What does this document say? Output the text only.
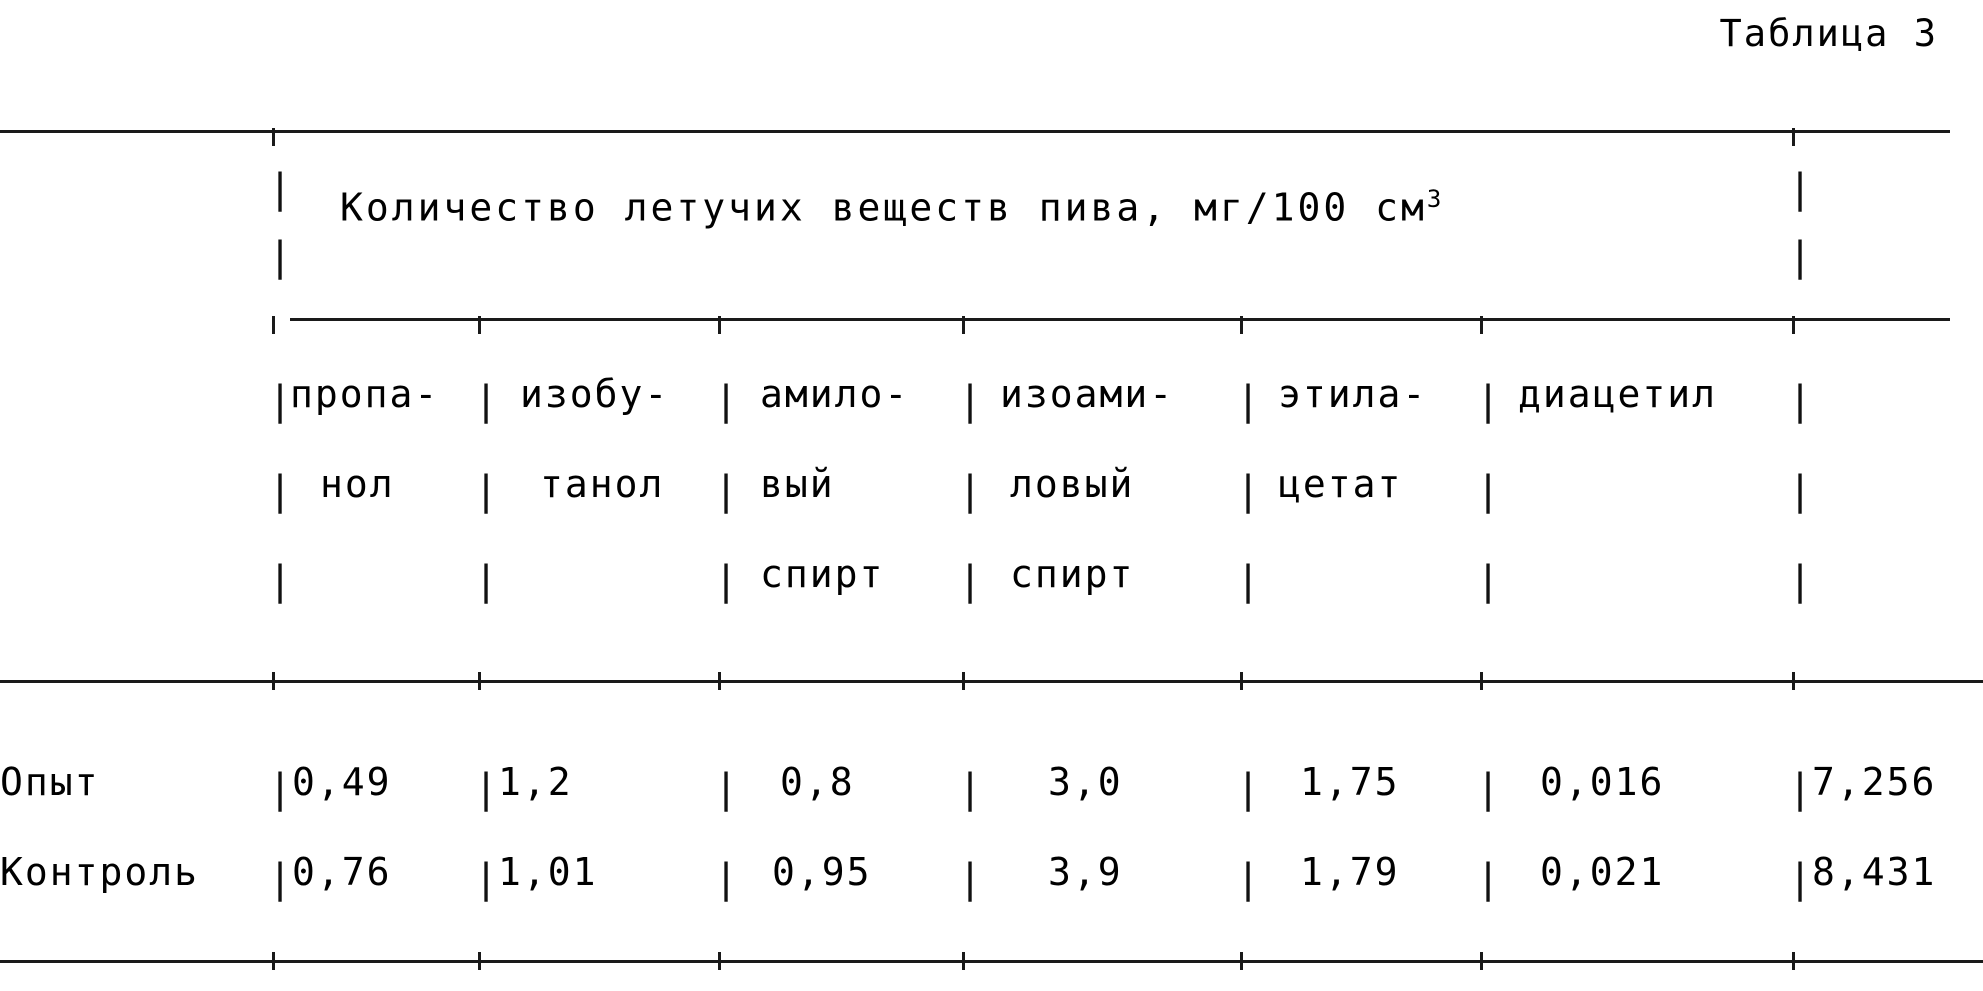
Таблица 3
Количество летучих веществ пива, мг/100 $см^3$
|	|
|	|
|
пропа- | изобу- | амило- | изоами- | этила- | диацетил |
| нол | танол | вый	| ловый	| цетат |	|
|	|	| спирт | спирт	|	|	|
Опыт	| 0,49 | 1,2	| 0,8	| 3,0	| 1,75 | 0,016	| 7,256
Контроль | 0,76 | 1,01	| 0,95 | 3,9	| 1,79 | 0,021	| 8,431
